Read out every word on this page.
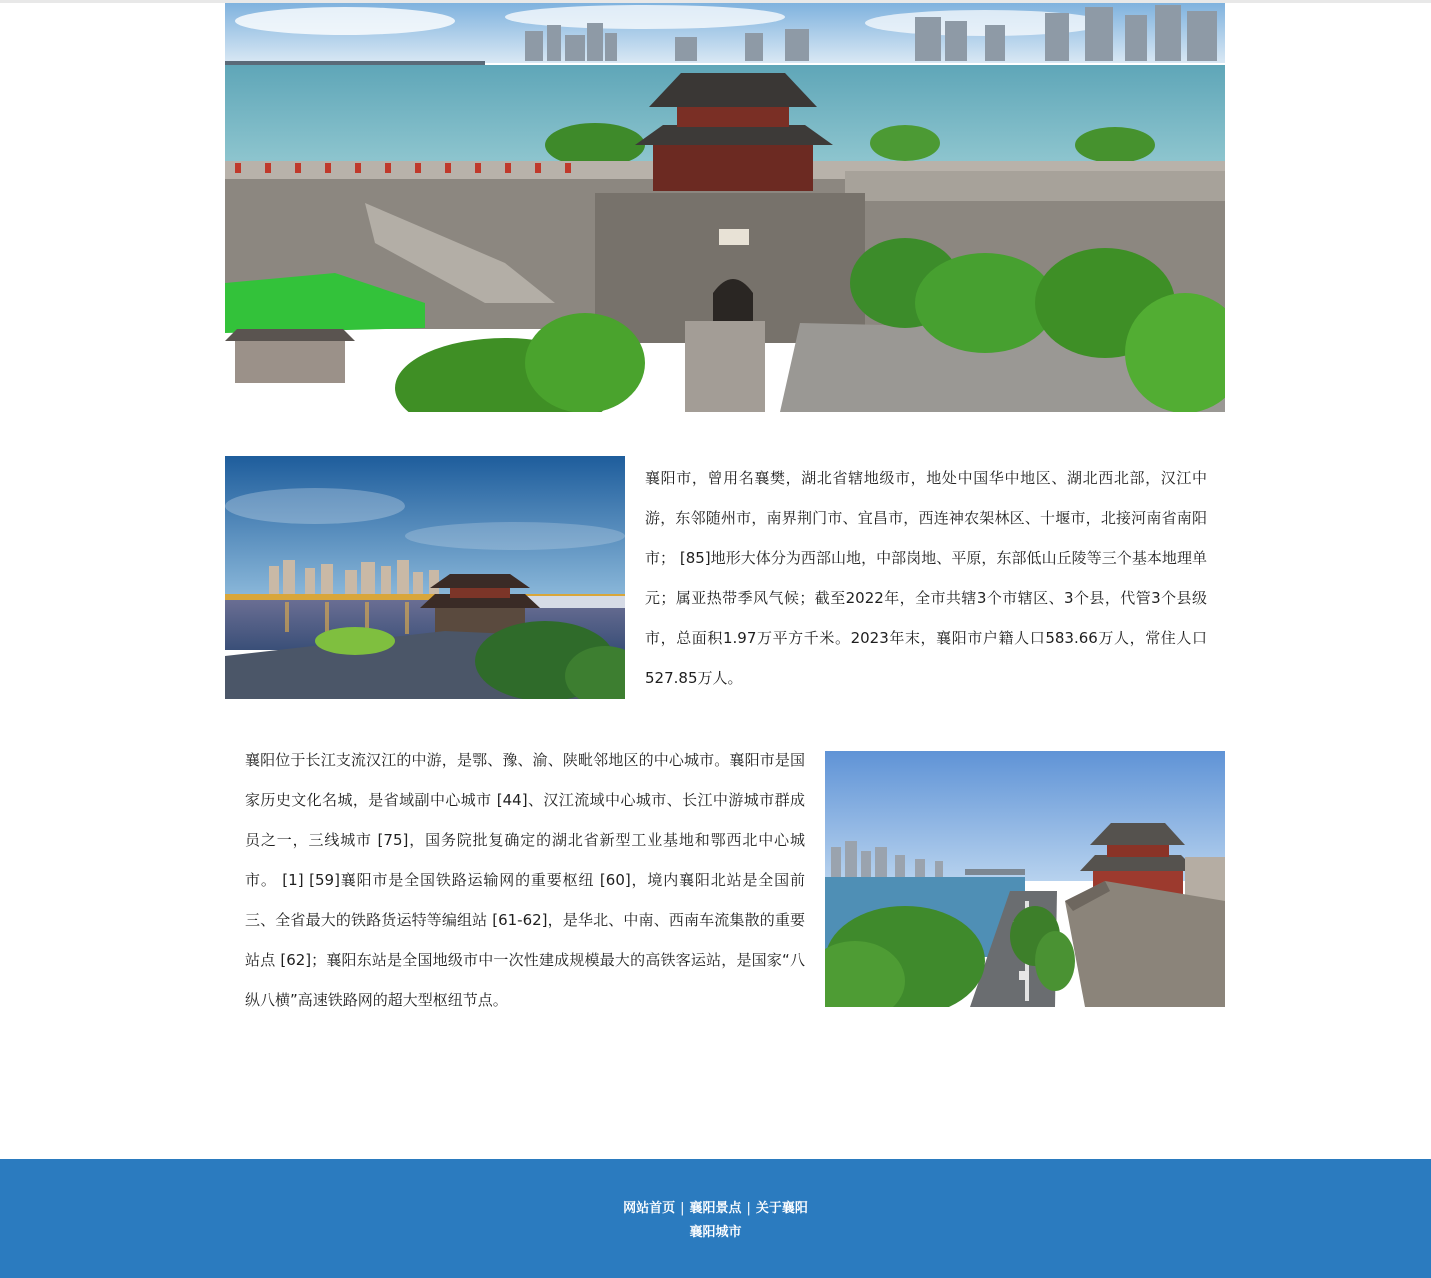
襄阳市，曾用名襄樊，湖北省辖地级市，地处中国华中地区、湖北西北部，汉江中游，东邻随州市，南界荆门市、宜昌市，西连神农架林区、十堰市，北接河南省南阳市； [85]地形大体分为西部山地，中部岗地、平原，东部低山丘陵等三个基本地理单元；属亚热带季风气候；截至2022年，全市共辖3个市辖区、3个县，代管3个县级市，总面积1.97万平方千米。2023年末，襄阳市户籍人口583.66万人，常住人口527.85万人。

襄阳位于长江支流汉江的中游，是鄂、豫、渝、陕毗邻地区的中心城市。襄阳市是国家历史文化名城，是省域副中心城市 [44]、汉江流域中心城市、长江中游城市群成员之一，三线城市 [75]，国务院批复确定的湖北省新型工业基地和鄂西北中心城市。 [1] [59]襄阳市是全国铁路运输网的重要枢纽 [60]，境内襄阳北站是全国前三、全省最大的铁路货运特等编组站 [61-62]，是华北、中南、西南车流集散的重要站点 [62]；襄阳东站是全国地级市中一次性建成规模最大的高铁客运站，是国家“八纵八横”高速铁路网的超大型枢纽节点。

网站首页 | 襄阳景点 | 关于襄阳
襄阳城市
